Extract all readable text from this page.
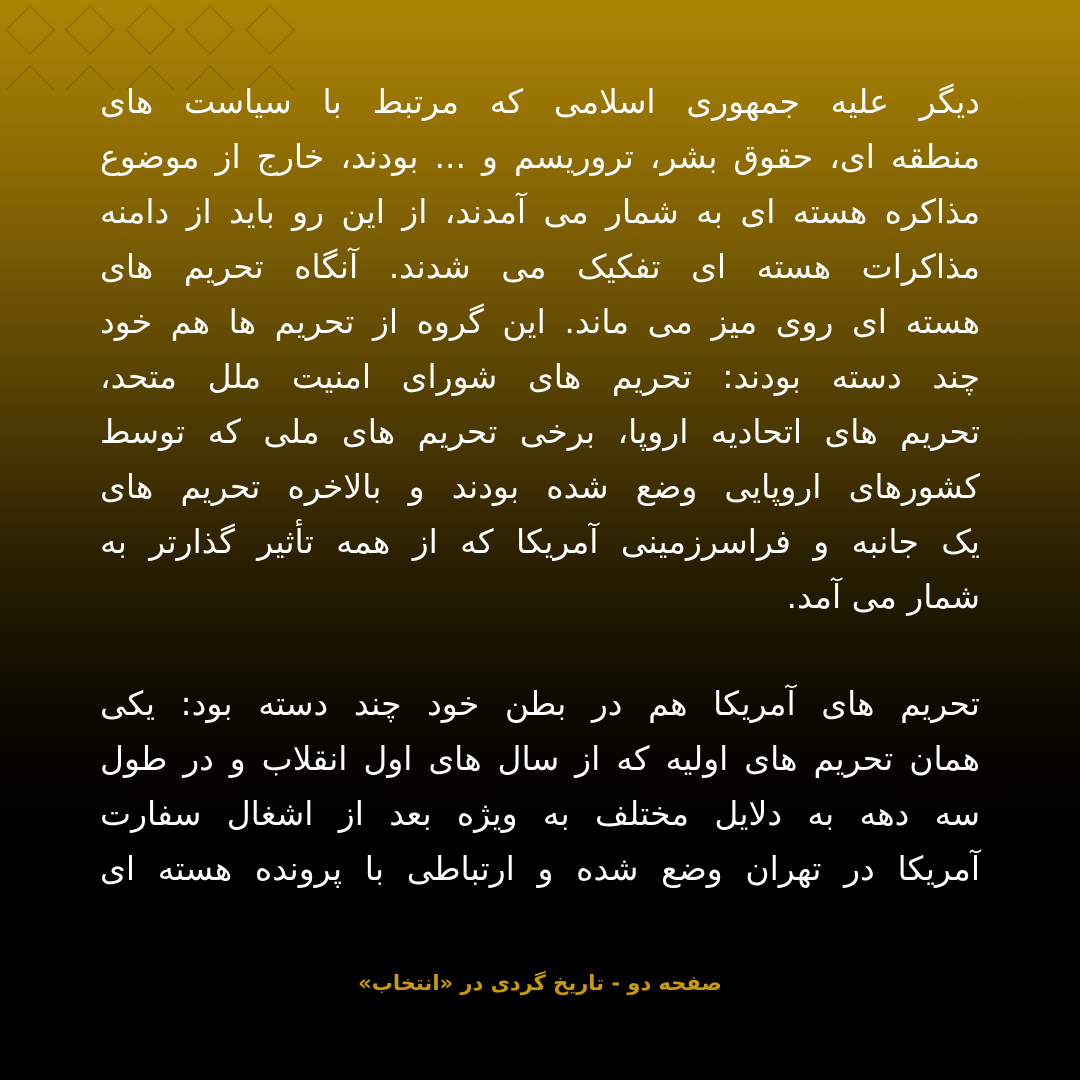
دیگر علیه جمهوری اسلامی که مرتبط با سیاست های
منطقه ای، حقوق بشر، تروریسم و ... بودند، خارج از موضوع
مذاکره هسته ای به شمار می آمدند، از این رو باید از دامنه
مذاکرات هسته ای تفکیک می شدند. آنگاه تحریم های
هسته ای روی میز می ماند. این گروه از تحریم ها هم خود
چند دسته بودند: تحریم های شورای امنیت ملل متحد،
تحریم های اتحادیه اروپا، برخی تحریم های ملی که توسط
کشورهای اروپایی وضع شده بودند و بالاخره تحریم های
یک جانبه و فراسرزمینی آمریکا که از همه تأثیر گذارتر به
شمار می آمد.
تحریم های آمریکا هم در بطن خود چند دسته بود: یکی
همان تحریم های اولیه که از سال های اول انقلاب و در طول
سه دهه به دلایل مختلف به ویژه بعد از اشغال سفارت
آمریکا در تهران وضع شده و ارتباطی با پرونده هسته ای
صفحه دو - تاریخ گردی در «انتخاب»
